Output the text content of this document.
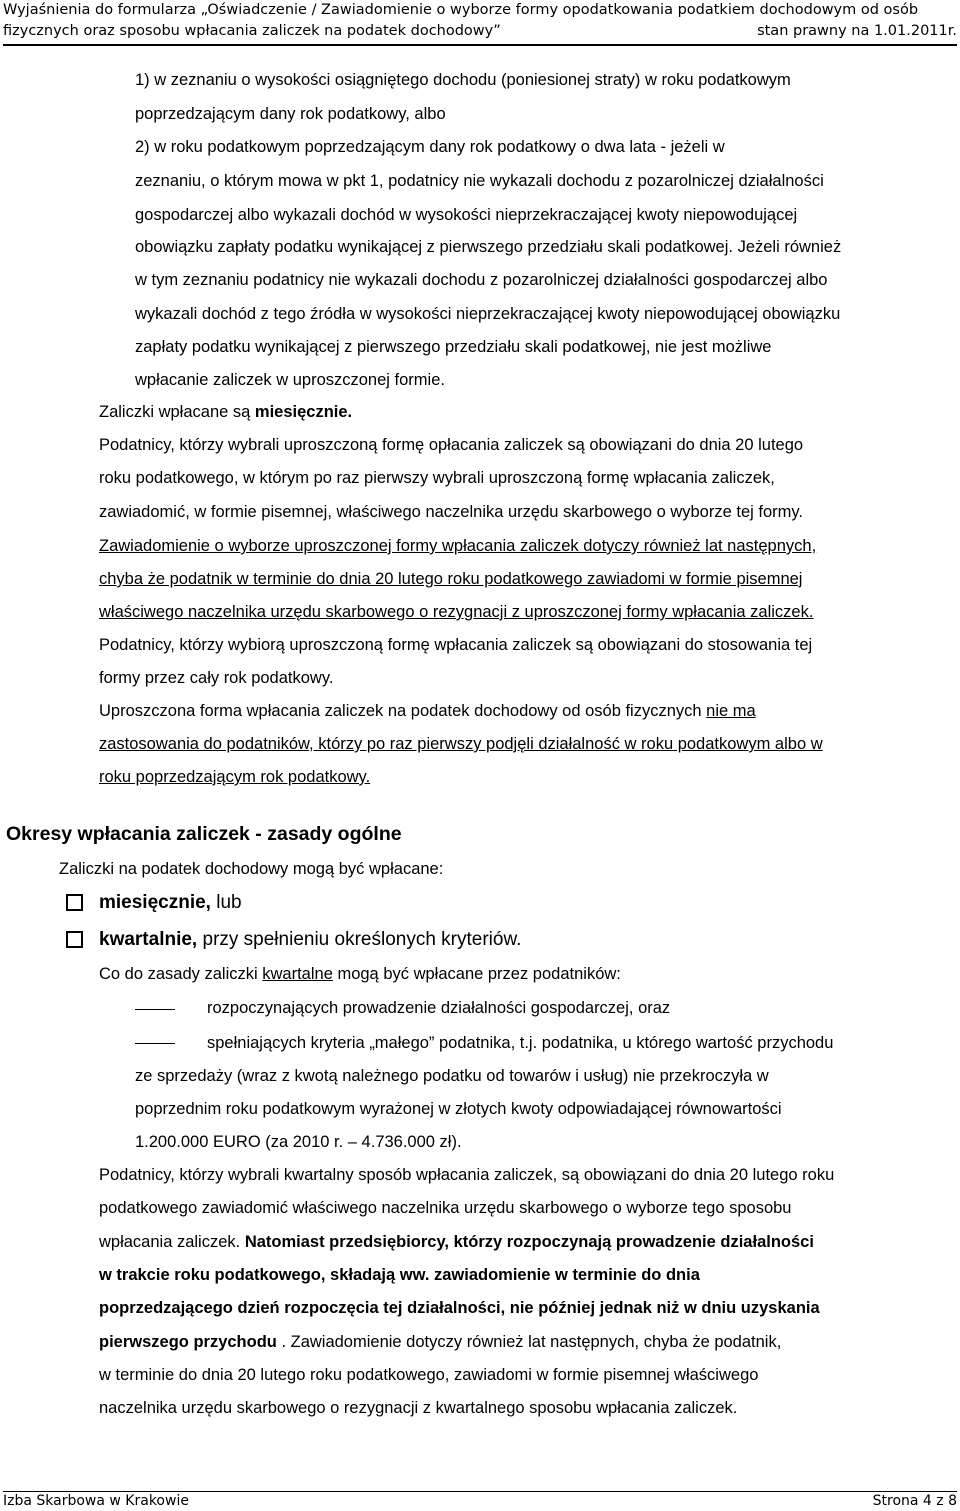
Wyjaśnienia do formularza „Oświadczenie / Zawiadomienie o wyborze formy opodatkowania podatkiem dochodowym od osób
fizycznych oraz sposobu wpłacania zaliczek na podatek dochodowy”	stan prawny na 1.01.2011r.
1) w zeznaniu o wysokości osiągniętego dochodu (poniesionej straty) w roku podatkowym
poprzedzającym dany rok podatkowy, albo
2) w roku podatkowym poprzedzającym dany rok podatkowy o dwa lata - jeżeli w
zeznaniu, o którym mowa w pkt 1, podatnicy nie wykazali dochodu z pozarolniczej działalności
gospodarczej albo wykazali dochód w wysokości nieprzekraczającej kwoty niepowodującej
obowiązku zapłaty podatku wynikającej z pierwszego przedziału skali podatkowej. Jeżeli również
w tym zeznaniu podatnicy nie wykazali dochodu z pozarolniczej działalności gospodarczej albo
wykazali dochód z tego źródła w wysokości nieprzekraczającej kwoty niepowodującej obowiązku
zapłaty podatku wynikającej z pierwszego przedziału skali podatkowej, nie jest możliwe
wpłacanie zaliczek w uproszczonej formie.
Zaliczki wpłacane są miesięcznie.
Podatnicy, którzy wybrali uproszczoną formę opłacania zaliczek są obowiązani do dnia 20 lutego
roku podatkowego, w którym po raz pierwszy wybrali uproszczoną formę wpłacania zaliczek,
zawiadomić, w formie pisemnej, właściwego naczelnika urzędu skarbowego o wyborze tej formy.
Zawiadomienie o wyborze uproszczonej formy wpłacania zaliczek dotyczy również lat następnych,
chyba że podatnik w terminie do dnia 20 lutego roku podatkowego zawiadomi w formie pisemnej
właściwego naczelnika urzędu skarbowego o rezygnacji z uproszczonej formy wpłacania zaliczek.
Podatnicy, którzy wybiorą uproszczoną formę wpłacania zaliczek są obowiązani do stosowania tej
formy przez cały rok podatkowy.
Uproszczona forma wpłacania zaliczek na podatek dochodowy od osób fizycznych nie ma
zastosowania do podatników, którzy po raz pierwszy podjęli działalność w roku podatkowym albo w
roku poprzedzającym rok podatkowy.
Okresy wpłacania zaliczek - zasady ogólne
Zaliczki na podatek dochodowy mogą być wpłacane:
miesięcznie, lub
kwartalnie, przy spełnieniu określonych kryteriów.
Co do zasady zaliczki kwartalne mogą być wpłacane przez podatników:
rozpoczynających prowadzenie działalności gospodarczej, oraz
spełniających kryteria „małego” podatnika, t.j. podatnika, u którego wartość przychodu
ze sprzedaży (wraz z kwotą należnego podatku od towarów i usług) nie przekroczyła w
poprzednim roku podatkowym wyrażonej w złotych kwoty odpowiadającej równowartości
1.200.000 EURO (za 2010 r. – 4.736.000 zł).
Podatnicy, którzy wybrali kwartalny sposób wpłacania zaliczek, są obowiązani do dnia 20 lutego roku
podatkowego zawiadomić właściwego naczelnika urzędu skarbowego o wyborze tego sposobu
wpłacania zaliczek. Natomiast przedsiębiorcy, którzy rozpoczynają prowadzenie działalności
w trakcie roku podatkowego, składają ww. zawiadomienie w terminie do dnia
poprzedzającego dzień rozpoczęcia tej działalności, nie później jednak niż w dniu uzyskania
pierwszego przychodu . Zawiadomienie dotyczy również lat następnych, chyba że podatnik,
w terminie do dnia 20 lutego roku podatkowego, zawiadomi w formie pisemnej właściwego
naczelnika urzędu skarbowego o rezygnacji z kwartalnego sposobu wpłacania zaliczek.
Izba Skarbowa w Krakowie	Strona 4 z 8
